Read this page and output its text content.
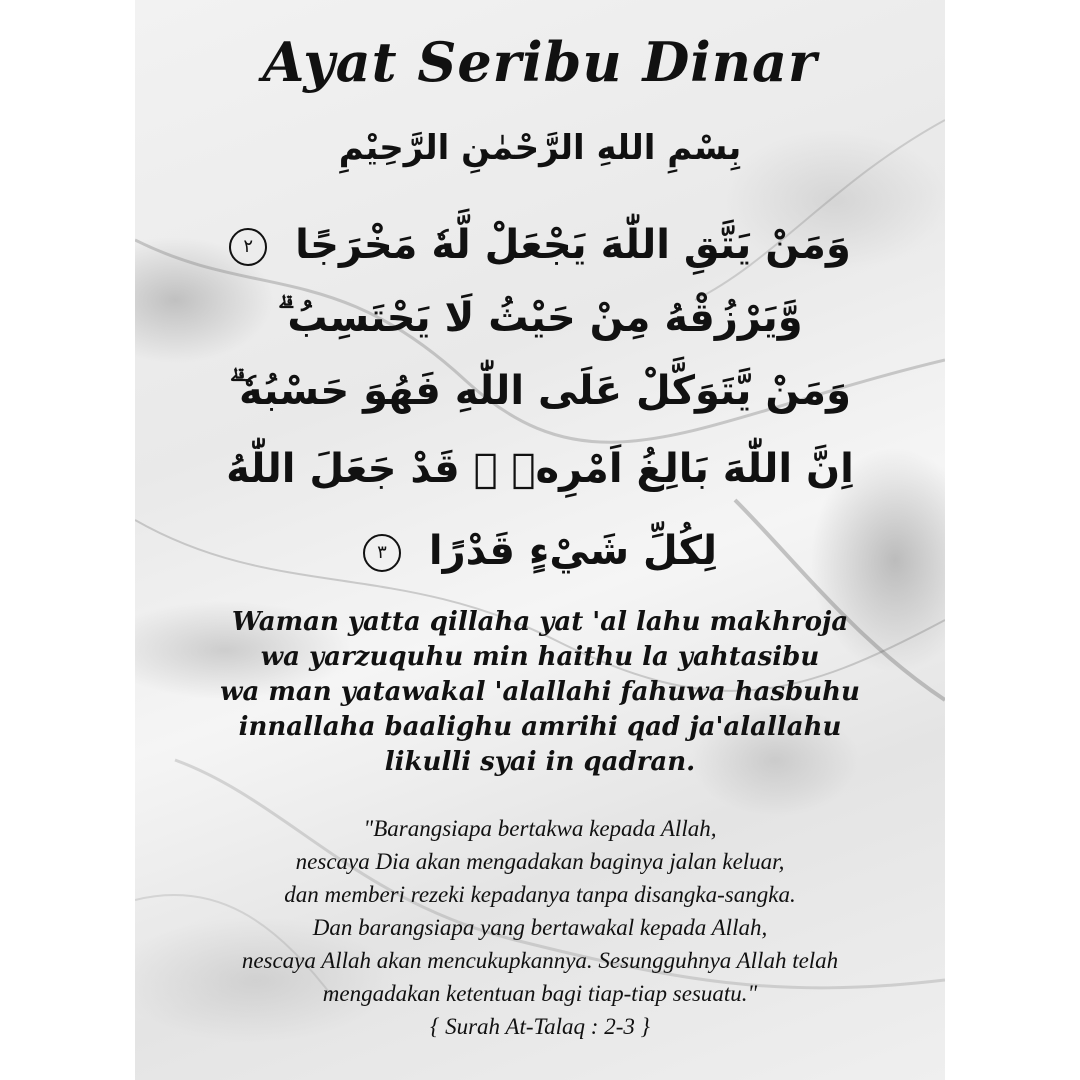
Ayat Seribu Dinar
بِسْمِ اللهِ الرَّحْمٰنِ الرَّحِيْمِ
وَمَنْ يَتَّقِ اللّٰهَ يَجْعَلْ لَّهٗ مَخْرَجًا ٢
وَّيَرْزُقْهُ مِنْ حَيْثُ لَا يَحْتَسِبُ ۗ
وَمَنْ يَّتَوَكَّلْ عَلَى اللّٰهِ فَهُوَ حَسْبُهٗ ۗ
اِنَّ اللّٰهَ بَالِغُ اَمْرِهٖ ۗ قَدْ جَعَلَ اللّٰهُ
لِكُلِّ شَيْءٍ قَدْرًا ٣
Waman yatta qillaha yat 'al lahu makhroja
wa yarzuquhu min haithu la yahtasibu
wa man yatawakal 'alallahi fahuwa hasbuhu
innallaha baalighu amrihi qad ja'alallahu
likulli syai in qadran.
"Barangsiapa bertakwa kepada Allah,
nescaya Dia akan mengadakan baginya jalan keluar,
dan memberi rezeki kepadanya tanpa disangka-sangka.
Dan barangsiapa yang bertawakal kepada Allah,
nescaya Allah akan mencukupkannya. Sesungguhnya Allah telah
mengadakan ketentuan bagi tiap-tiap sesuatu."
{ Surah At-Talaq : 2-3 }
